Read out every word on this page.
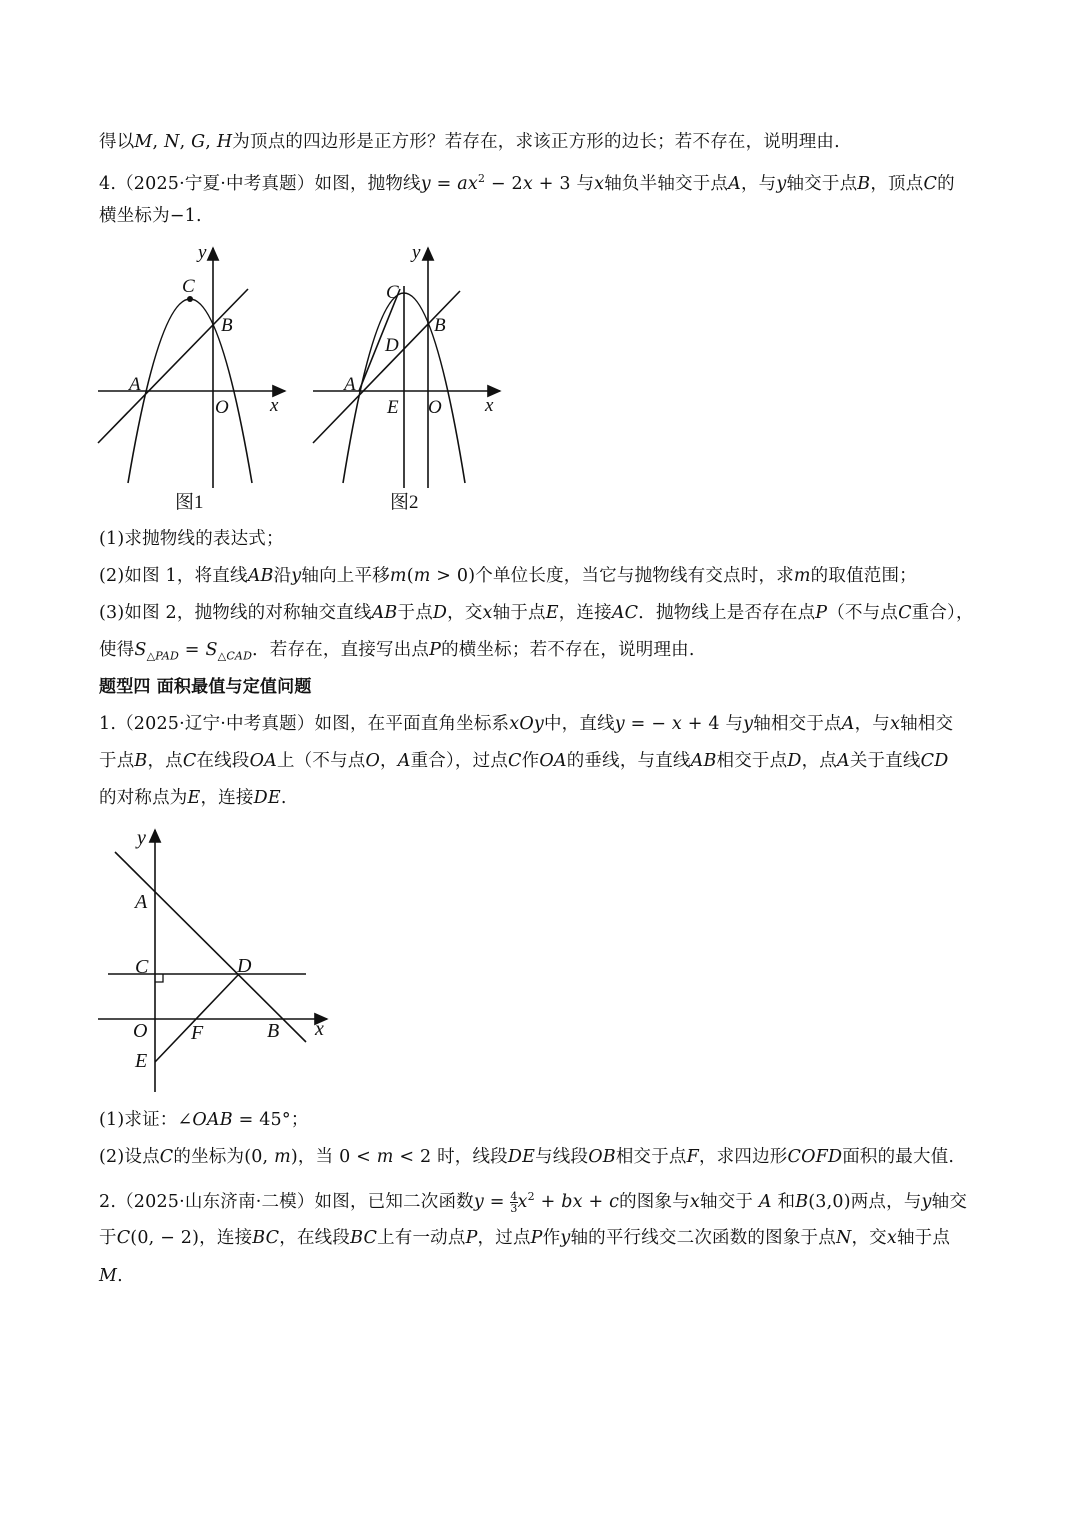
得以M, N, G, H为顶点的四边形是正方形？若存在，求该正方形的边长；若不存在，说明理由.
4.（2025·宁夏·中考真题）如图，抛物线$y = ax^2 - 2x + 3$ 与x轴负半轴交于点A，与y轴交于点B，顶点C的
横坐标为−1.
(1)求抛物线的表达式；
(2)如图 1，将直线AB沿y轴向上平移m(m > 0)个单位长度，当它与抛物线有交点时，求m的取值范围；
(3)如图 2，抛物线的对称轴交直线AB于点D，交x轴于点E，连接AC．抛物线上是否存在点P（不与点C重合），
使得$S_{\triangle PAD} = S_{\triangle CAD}$．若存在，直接写出点P的横坐标；若不存在，说明理由.
题型四 面积最值与定值问题
1.（2025·辽宁·中考真题）如图，在平面直角坐标系xOy中，直线y = − x + 4 与y轴相交于点A，与x轴相交
于点B，点C在线段OA上（不与点O，A重合），过点C作OA的垂线，与直线AB相交于点D，点A关于直线CD
的对称点为E，连接DE.
(1)求证：∠OAB = 45°；
(2)设点C的坐标为(0, m)，当 0 < m < 2 时，线段DE与线段OB相交于点F，求四边形COFD面积的最大值.
2.（2025·山东济南·二模）如图，已知二次函数$y = \frac{4}{3} x^2$ + bx + c的图象与x轴交于 A 和B(3,0)两点，与y轴交
于C(0, − 2)，连接BC，在线段BC上有一动点P，过点P作y轴的平行线交二次函数的图象于点N，交x轴于点
M.
y
x
O
A
B
C
图1
y
x
O
E
A
B
C
D
图2
y
x
A
C	D
O F	B
E
